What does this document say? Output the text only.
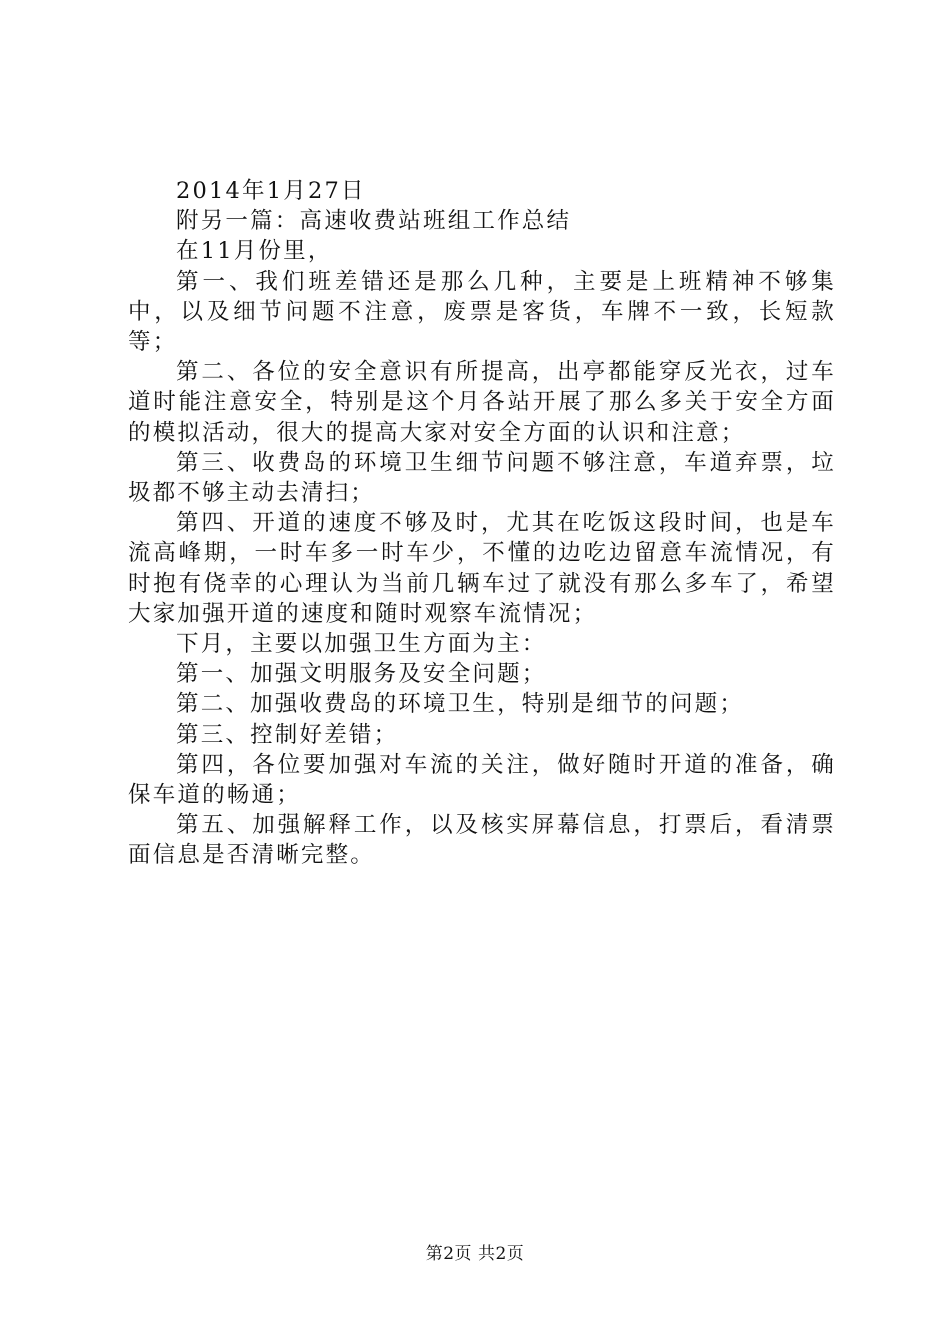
2014年1月27日

附另一篇：高速收费站班组工作总结

在11月份里，

第一、我们班差错还是那么几种，主要是上班精神不够集中，以及细节问题不注意，废票是客货，车牌不一致，长短款等；

第二、各位的安全意识有所提高，出亭都能穿反光衣，过车道时能注意安全，特别是这个月各站开展了那么多关于安全方面的模拟活动，很大的提高大家对安全方面的认识和注意；

第三、收费岛的环境卫生细节问题不够注意，车道弃票，垃圾都不够主动去清扫；

第四、开道的速度不够及时，尤其在吃饭这段时间，也是车流高峰期，一时车多一时车少，不懂的边吃边留意车流情况，有时抱有侥幸的心理认为当前几辆车过了就没有那么多车了，希望大家加强开道的速度和随时观察车流情况；

下月，主要以加强卫生方面为主：

第一、加强文明服务及安全问题；

第二、加强收费岛的环境卫生，特别是细节的问题；

第三、控制好差错；

第四，各位要加强对车流的关注，做好随时开道的准备，确保车道的畅通；

第五、加强解释工作，以及核实屏幕信息，打票后，看清票面信息是否清晰完整。

第2页 共2页
